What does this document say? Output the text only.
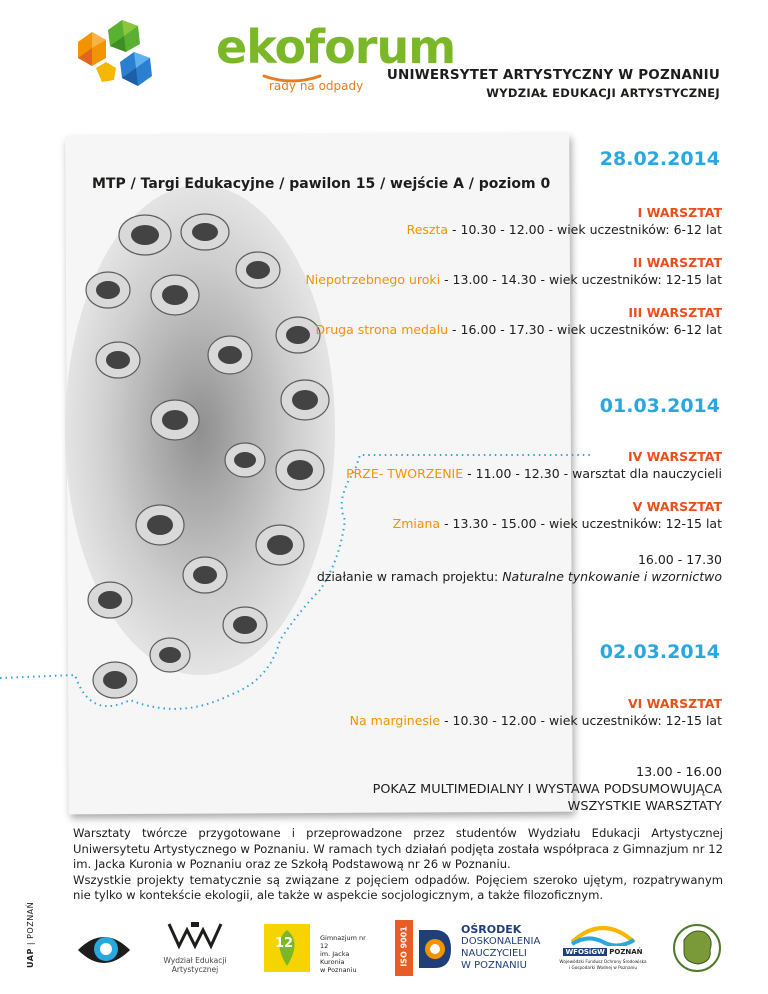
ekoforum
rady na odpady
UNIWERSYTET ARTYSTYCZNY W POZNANIU
WYDZIAŁ EDUKACJI ARTYSTYCZNEJ
MTP / Targi Edukacyjne / pawilon 15 / wejście A / poziom 0
28.02.2014
01.03.2014
02.03.2014
I WARSZTAT
Reszta - 10.30 - 12.00 - wiek uczestników: 6-12 lat
II WARSZTAT
Niepotrzebnego uroki - 13.00 - 14.30 - wiek uczestników: 12-15 lat
III WARSZTAT
Druga strona medalu - 16.00 - 17.30 - wiek uczestników: 6-12 lat
IV WARSZTAT
PRZE- TWORZENIE - 11.00 - 12.30 - warsztat dla nauczycieli
V WARSZTAT
Zmiana - 13.30 - 15.00 - wiek uczestników: 12-15 lat
16.00 - 17.30
działanie w ramach projektu: Naturalne tynkowanie i wzornictwo
VI WARSZTAT
Na marginesie - 10.30 - 12.00 - wiek uczestników: 12-15 lat
13.00 - 16.00
POKAZ MULTIMEDIALNY I WYSTAWA PODSUMOWUJĄCA
WSZYSTKIE WARSZTATY
Warsztaty twórcze przygotowane i przeprowadzone przez studentów Wydziału Edukacji Artystycznej Uniwersytetu Artystycznego w Poznaniu. W ramach tych działań podjęta została współpraca z Gimnazjum nr 12 im. Jacka Kuronia w Poznaniu oraz ze Szkołą Podstawową nr 26 w Poznaniu.
Wszystkie projekty tematycznie są związane z pojęciem odpadów. Pojęciem szeroko ujętym, rozpatrywanym nie tylko w kontekście ekologii, ale także w aspekcie socjologicznym, a także filozoficznym.
UAP | POZNAŃ
Wydział Edukacji
Artystycznej
12	Gimnazjum nr 12
im. Jacka Kuronia
w Poznaniu
ISO 9001	OŚRODEK
DOSKONALENIA
NAUCZYCIELI
W POZNANIU
WFOŚiGW POZNAŃ
Wojewódzki Fundusz Ochrony Środowiska
i Gospodarki Wodnej w Poznaniu
